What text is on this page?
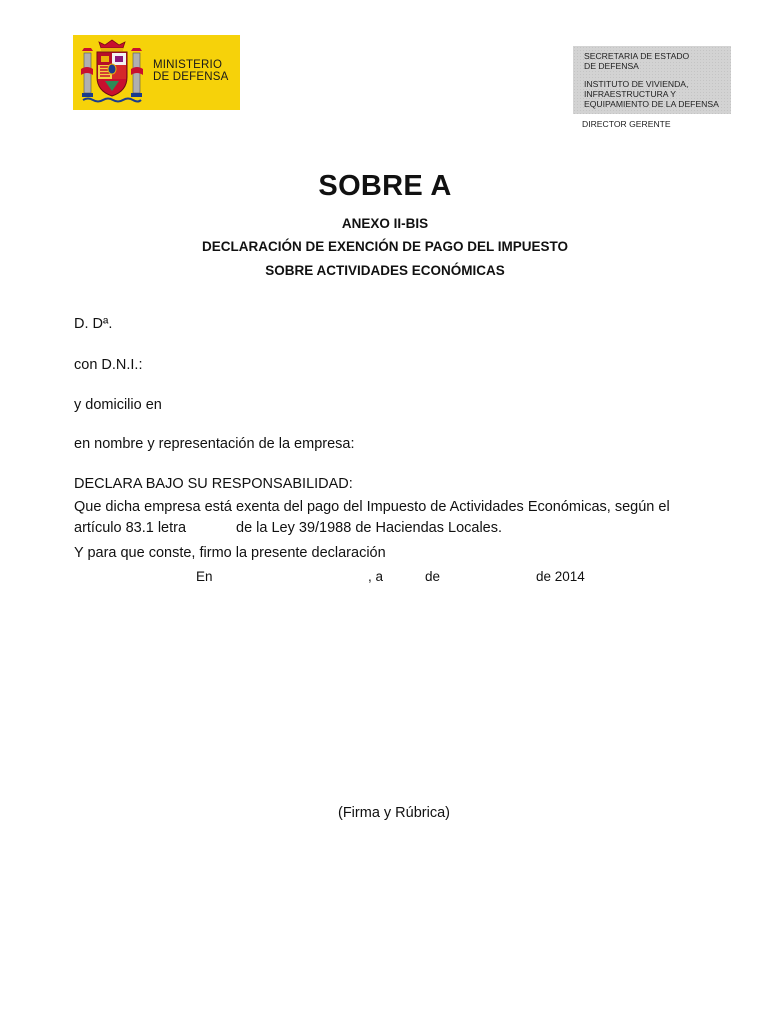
MINISTERIO
DE DEFENSA
SECRETARIA DE ESTADO
DE DEFENSA
INSTITUTO DE VIVIENDA,
INFRAESTRUCTURA Y
EQUIPAMIENTO DE LA DEFENSA
DIRECTOR GERENTE
SOBRE A
ANEXO II-BIS
DECLARACIÓN DE EXENCIÓN DE PAGO DEL IMPUESTO
SOBRE ACTIVIDADES ECONÓMICAS
D. Dª.
con D.N.I.:
y domicilio en
en nombre y representación de la empresa:
DECLARA BAJO SU RESPONSABILIDAD:
Que dicha empresa está exenta del pago del Impuesto de Actividades Económicas, según el
artículo 83.1 letra	de la Ley 39/1988 de Haciendas Locales.
Y para que conste, firmo la presente declaración
En	, a	de	de 2014
(Firma y Rúbrica)
